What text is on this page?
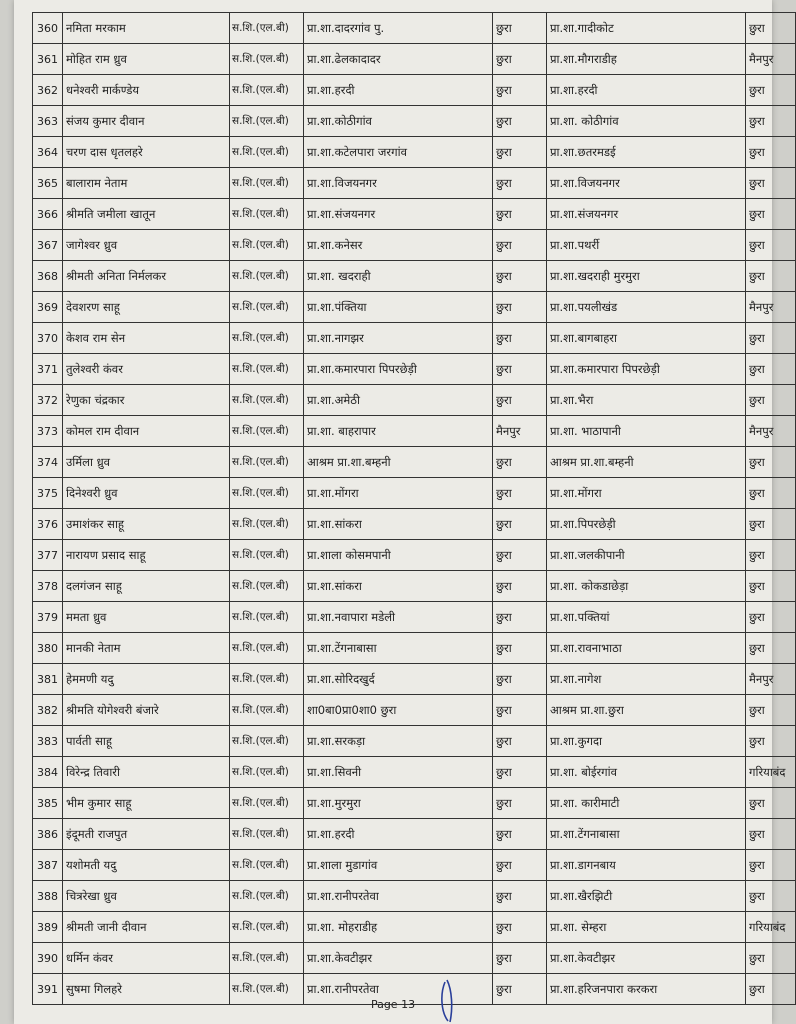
360	नमिता मरकाम	स.शि.(एल.बी)	प्रा.शा.दादरगांव पु.	छुरा	प्रा.शा.गादीकोट	छुरा
361	मोहित राम ध्रुव	स.शि.(एल.बी)	प्रा.शा.ढेलकादादर	छुरा	प्रा.शा.मौगराडीह	मैनपुर
362	धनेश्वरी मार्कण्डेय	स.शि.(एल.बी)	प्रा.शा.हरदी	छुरा	प्रा.शा.हरदी	छुरा
363	संजय कुमार दीवान	स.शि.(एल.बी)	प्रा.शा.कोठीगांव	छुरा	प्रा.शा. कोठीगांव	छुरा
364	चरण दास धृतलहरे	स.शि.(एल.बी)	प्रा.शा.कटेलपारा जरगांव	छुरा	प्रा.शा.छतरमडई	छुरा
365	बालाराम नेताम	स.शि.(एल.बी)	प्रा.शा.विजयनगर	छुरा	प्रा.शा.विजयनगर	छुरा
366	श्रीमति जमीला खातून	स.शि.(एल.बी)	प्रा.शा.संजयनगर	छुरा	प्रा.शा.संजयनगर	छुरा
367	जागेश्वर ध्रुव	स.शि.(एल.बी)	प्रा.शा.कनेसर	छुरा	प्रा.शा.पथर्री	छुरा
368	श्रीमती अनिता निर्मलकर	स.शि.(एल.बी)	प्रा.शा. खदराही	छुरा	प्रा.शा.खदराही मुरमुरा	छुरा
369	देवशरण साहू	स.शि.(एल.बी)	प्रा.शा.पंक्तिया	छुरा	प्रा.शा.पयलीखंड	मैनपुर
370	केशव राम सेन	स.शि.(एल.बी)	प्रा.शा.नागझर	छुरा	प्रा.शा.बागबाहरा	छुरा
371	तुलेश्वरी कंवर	स.शि.(एल.बी)	प्रा.शा.कमारपारा पिपरछेड़ी	छुरा	प्रा.शा.कमारपारा पिपरछेड़ी	छुरा
372	रेणुका चंद्रकार	स.शि.(एल.बी)	प्रा.शा.अमेठी	छुरा	प्रा.शा.भैरा	छुरा
373	कोमल राम दीवान	स.शि.(एल.बी)	प्रा.शा. बाहरापार	मैनपुर	प्रा.शा. भाठापानी	मैनपुर
374	उर्मिला ध्रुव	स.शि.(एल.बी)	आश्रम प्रा.शा.बम्हनी	छुरा	आश्रम प्रा.शा.बम्हनी	छुरा
375	दिनेश्वरी ध्रुव	स.शि.(एल.बी)	प्रा.शा.मोंगरा	छुरा	प्रा.शा.मोंगरा	छुरा
376	उमाशंकर साहू	स.शि.(एल.बी)	प्रा.शा.सांकरा	छुरा	प्रा.शा.पिपरछेड़ी	छुरा
377	नारायण प्रसाद साहू	स.शि.(एल.बी)	प्रा.शाला कोसमपानी	छुरा	प्रा.शा.जलकीपानी	छुरा
378	दलगंजन साहू	स.शि.(एल.बी)	प्रा.शा.सांकरा	छुरा	प्रा.शा. कोकडाछेड़ा	छुरा
379	ममता ध्रुव	स.शि.(एल.बी)	प्रा.शा.नवापारा मडेली	छुरा	प्रा.शा.पक्तियां	छुरा
380	मानकी नेताम	स.शि.(एल.बी)	प्रा.शा.टेंगनाबासा	छुरा	प्रा.शा.रावनाभाठा	छुरा
381	हेममणी यदु	स.शि.(एल.बी)	प्रा.शा.सोरिदखुर्द	छुरा	प्रा.शा.नागेश	मैनपुर
382	श्रीमति योगेश्वरी बंजारे	स.शि.(एल.बी)	शा0बा0प्रा0शा0 छुरा	छुरा	आश्रम प्रा.शा.छुरा	छुरा
383	पार्वती साहू	स.शि.(एल.बी)	प्रा.शा.सरकड़ा	छुरा	प्रा.शा.कुगदा	छुरा
384	विरेन्द्र तिवारी	स.शि.(एल.बी)	प्रा.शा.सिवनी	छुरा	प्रा.शा. बोईरगांव	गरियाबंद
385	भीम कुमार साहू	स.शि.(एल.बी)	प्रा.शा.मुरमुरा	छुरा	प्रा.शा. कारीमाटी	छुरा
386	इंदूमती राजपुत	स.शि.(एल.बी)	प्रा.शा.हरदी	छुरा	प्रा.शा.टेंगनाबासा	छुरा
387	यशोमती यदु	स.शि.(एल.बी)	प्रा.शाला मुडागांव	छुरा	प्रा.शा.डागनबाय	छुरा
388	चित्ररेखा ध्रुव	स.शि.(एल.बी)	प्रा.शा.रानीपरतेवा	छुरा	प्रा.शा.खैरझिटी	छुरा
389	श्रीमती जानी दीवान	स.शि.(एल.बी)	प्रा.शा. मोहराडीह	छुरा	प्रा.शा. सेम्हरा	गरियाबंद
390	धर्मिन कंवर	स.शि.(एल.बी)	प्रा.शा.केवटीझर	छुरा	प्रा.शा.केवटीझर	छुरा
391	सुषमा गिलहरे	स.शि.(एल.बी)	प्रा.शा.रानीपरतेवा	छुरा	प्रा.शा.हरिजनपारा करकरा	छुरा
Page 13
